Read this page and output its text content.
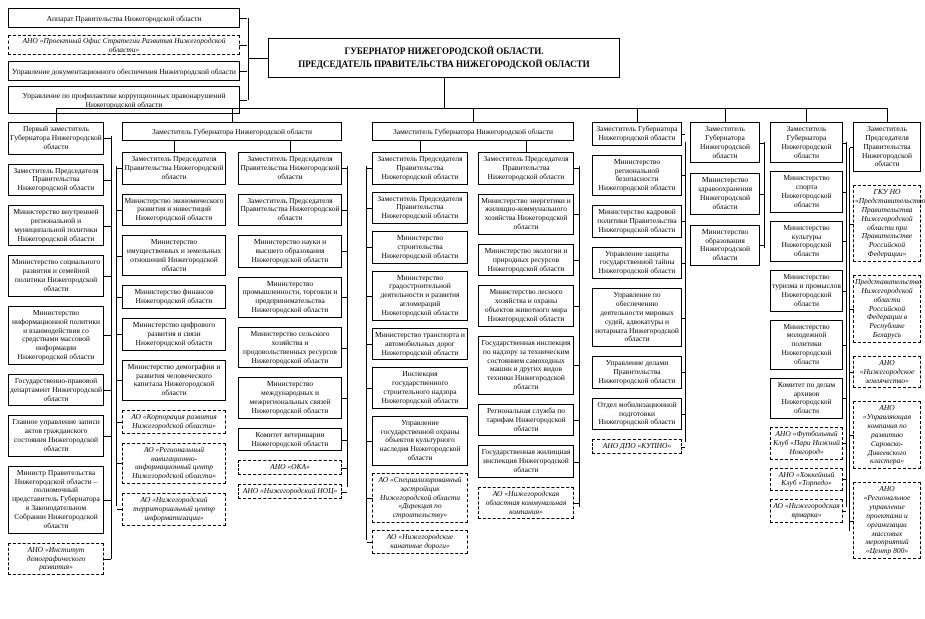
Аппарат Правительства Нижегородской области
АНО «Проектный Офис Стратегии Развития Нижегородской области»
Управление документационного обеспечения Нижегородской области
Управление по профилактике коррупционных правонарушений Нижегородской области
ГУБЕРНАТОР НИЖЕГОРОДСКОЙ ОБЛАСТИ.
ПРЕДСЕДАТЕЛЬ ПРАВИТЕЛЬСТВА НИЖЕГОРОДСКОЙ ОБЛАСТИ
Заместитель Губернатора Нижегородской области	Заместитель Губернатора Нижегородской области
Первый заместитель Губернатора Нижегородской области
Заместитель Председателя Правительства Нижегородской области
Министерство внутренней региональной и муниципальной политики Нижегородской области
Министерство социального развития и семейной политики Нижегородской области
Министерство информационной политики и взаимодействия со средствами массовой информации Нижегородской области
Государственно-правовой департамент Нижегородской области
Главное управление записи актов гражданского состояния Нижегородской области
Министр Правительства Нижегородской области – полномочный представитель Губернатора в Законодательном Собрании Нижегородской области
АНО «Институт демографического развития»
Заместитель Председателя Правительства Нижегородской области
Министерство экономического развития и инвестиций Нижегородской области
Министерство имущественных и земельных отношений Нижегородской области
Министерство финансов Нижегородской области
Министерство цифрового развития и связи Нижегородской области
Министерство демографии и развития человеческого капитала Нижегородской области
АО «Корпорация развития Нижегородской области»
АО «Региональный навигационно-информационный центр Нижегородской области»
АО «Нижегородский территориальный центр информатизации»
Заместитель Председателя Правительства Нижегородской области
Заместитель Председателя Правительства Нижегородской области
Министерство науки и высшего образования Нижегородской области
Министерство промышленности, торговли и предпринимательства Нижегородской области
Министерство сельского хозяйства и продовольственных ресурсов Нижегородской области
Министерство международных и межрегиональных связей Нижегородской области
Комитет ветеринарии Нижегородской области
АНО «ОКА»
АНО «Нижегородский НОЦ»
Заместитель Председателя Правительства Нижегородской области
Заместитель Председателя Правительства Нижегородской области
Министерство строительства Нижегородской области
Министерство градостроительной деятельности и развития агломераций Нижегородской области
Министерство транспорта и автомобильных дорог Нижегородской области
Инспекция государственного строительного надзора Нижегородской области
Управление государственной охраны объектов культурного наследия Нижегородской области
АО «Специализированный застройщик Нижегородской области «Дирекция по строительству»
АО «Нижегородские канатные дороги»
Заместитель Председателя Правительства Нижегородской области
Министерство энергетики и жилищно-коммунального хозяйства Нижегородской области
Министерство экологии и природных ресурсов Нижегородской области
Министерство лесного хозяйства и охраны объектов животного мира Нижегородской области
Государственная инспекция по надзору за техническим состоянием самоходных машин и других видов техники Нижегородской области
Региональная служба по тарифам Нижегородской области
Государственная жилищная инспекция Нижегородской области
АО «Нижегородская областная коммунальная компания»
Заместитель Губернатора Нижегородской области
Министерство региональной безопасности Нижегородской области
Министерство кадровой политики Правительства Нижегородской области
Управление защиты государственной тайны Нижегородской области
Управление по обеспечению деятельности мировых судей, адвокатуры и нотариата Нижегородской области
Управление делами Правительства Нижегородской области
Отдел мобилизационной подготовки Нижегородской области
АНО ДПО «КУПНО»
Заместитель Губернатора Нижегородской области
Министерство здравоохранения Нижегородской области
Министерство образования Нижегородской области
Заместитель Губернатора Нижегородской области
Министерство спорта Нижегородской области
Министерство культуры Нижегородской области
Министерство туризма и промыслов Нижегородской области
Министерство молодежной политики Нижегородской области
Комитет по делам архивов Нижегородской области
АНО «Футбольный Клуб «Пари Нижний Новгород»
АНО «Хоккейный Клуб «Торпедо»
АО «Нижегородская ярмарка»
Заместитель Председателя Правительства Нижегородской области
ГКУ НО «Представительство Правительства Нижегородской области при Правительстве Российской Федерации»
Представительство Нижегородской области Российской Федерации в Республике Беларусь
АНО «Нижегородское землячество»
АНО «Управляющая компания по развитию Саровско-Дивеевского кластера»
АНО «Региональное управление проектами и организации массовых мероприятий «Центр 800»
